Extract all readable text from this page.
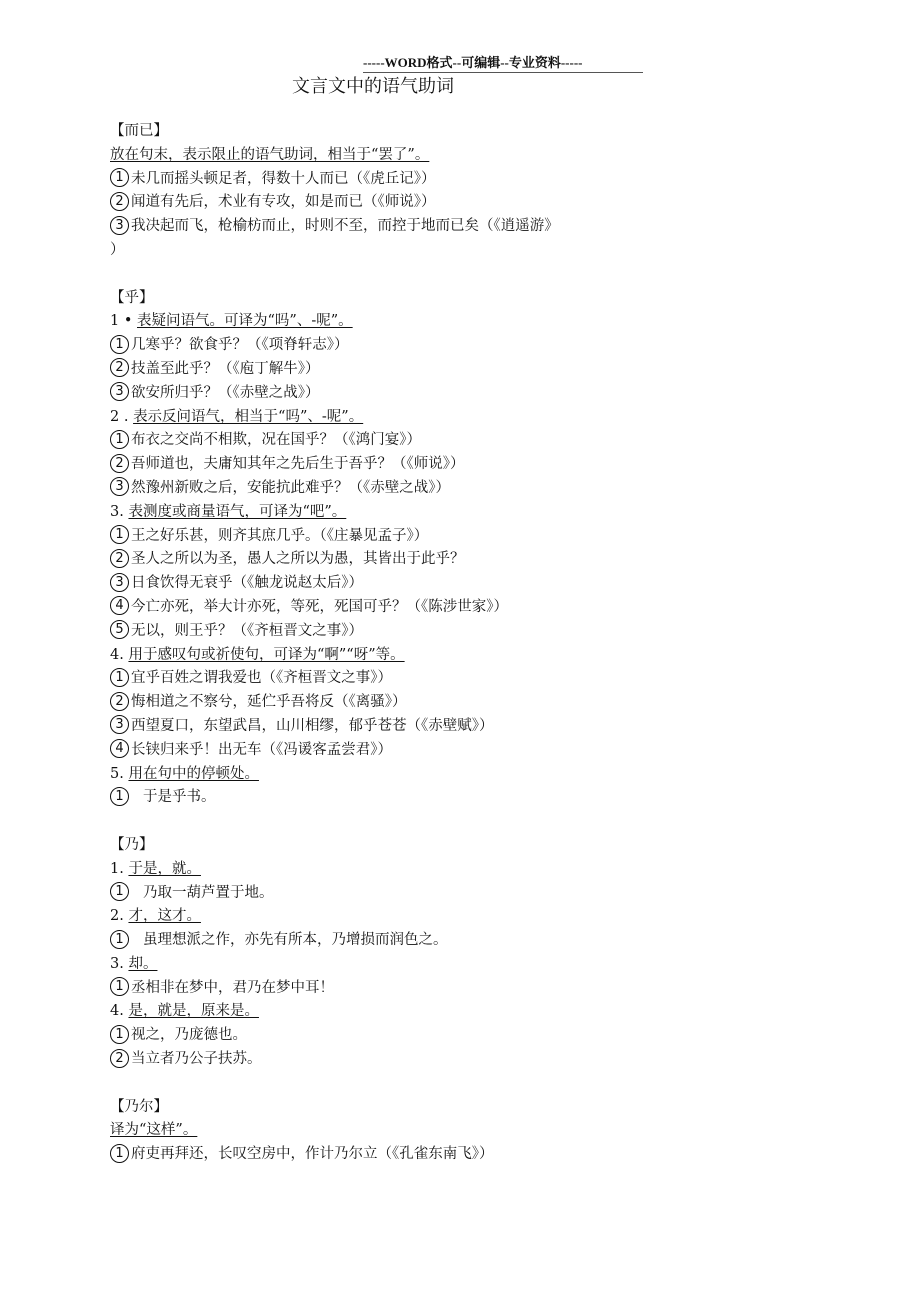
-----WORD格式--可编辑--专业资料-----
文言文中的语气助词
【而已】
放在句末，表示限止的语气助词，相当于“罢了”。
1 未几而摇头顿足者，得数十人而已（《虎丘记》）
2 闻道有先后，术业有专攻，如是而已（《师说》）
3 我决起而飞，枪榆枋而止，时则不至，而控于地而已矣（《逍遥游》
）
【乎】
1 • 表疑问语气。可译为“吗”、-呢”。
1 几寒乎？欲食乎？（《项脊轩志》）
2 技盖至此乎？（《庖丁解牛》）
3 欲安所归乎？（《赤壁之战》）
2 . 表示反问语气，相当于“吗”、-呢”。
1 布衣之交尚不相欺，况在国乎？（《鸿门宴》）
2 吾师道也，夫庸知其年之先后生于吾乎？（《师说》）
3 然豫州新败之后，安能抗此难乎？（《赤壁之战》）
3. 表测度或商量语气，可译为“吧”。
1 王之好乐甚，则齐其庶几乎。（《庄暴见孟子》）
2 圣人之所以为圣，愚人之所以为愚，其皆出于此乎？
3 日食饮得无衰乎（《触龙说赵太后》）
4 今亡亦死，举大计亦死，等死，死国可乎？（《陈涉世家》）
5 无以，则王乎？（《齐桓晋文之事》）
4. 用于感叹句或祈使句，可译为“啊”“呀”等。
1 宜乎百姓之谓我爱也（《齐桓晋文之事》）
2 悔相道之不察兮，延伫乎吾将反（《离骚》）
3 西望夏口，东望武昌，山川相缪，郁乎苍苍（《赤壁赋》）
4 长铗归来乎！出无车（《冯谖客孟尝君》）
5. 用在句中的停顿处。
1 于是乎书。
【乃】
1. 于是，就。
1 乃取一葫芦置于地。
2. 才，这才。
1 虽理想派之作，亦先有所本，乃增损而润色之。
3. 却。
1 丞相非在梦中，君乃在梦中耳！
4. 是，就是，原来是。
1 视之，乃庞德也。
2 当立者乃公子扶苏。
【乃尔】
译为“这样”。
1 府吏再拜还，长叹空房中，作计乃尔立（《孔雀东南飞》）
